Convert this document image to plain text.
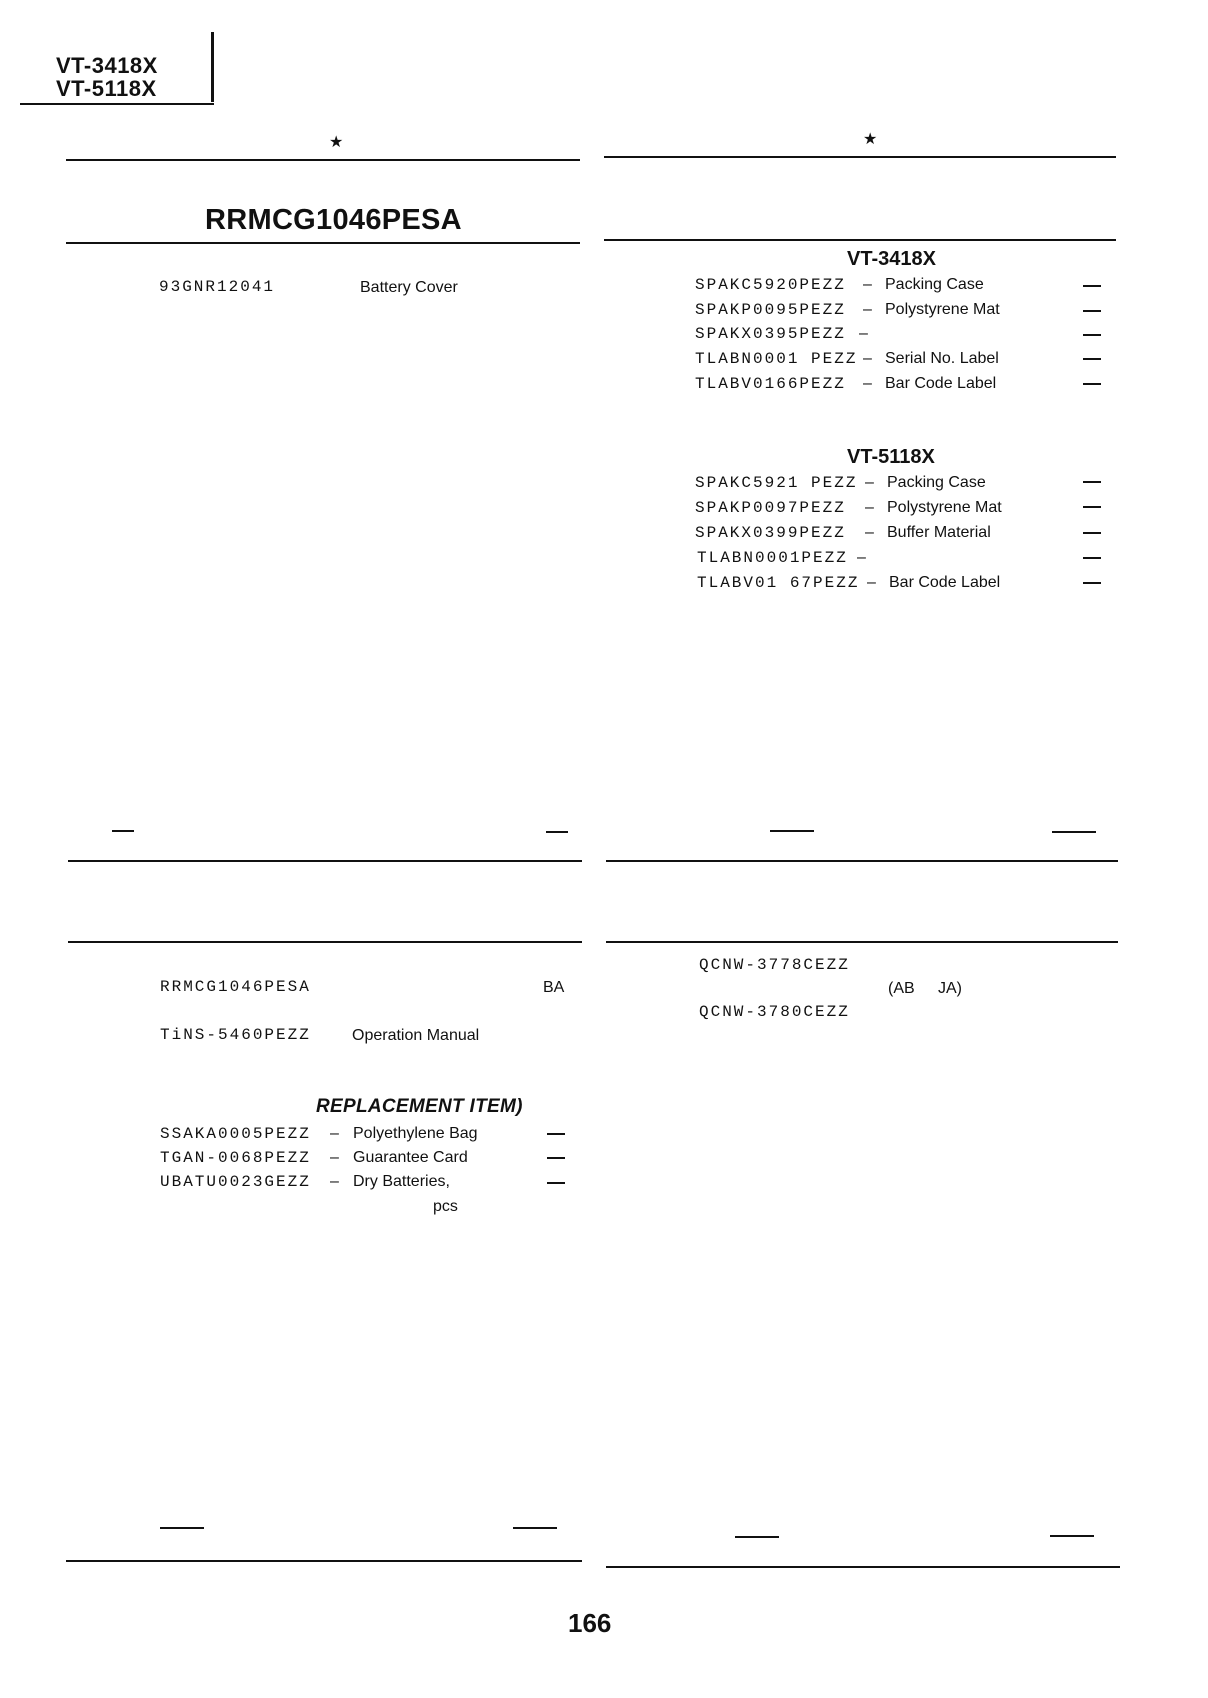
VT-3418X
VT-5118X
★
RRMCG1046PESA
93GNR12041	Battery Cover
★
VT-3418X
SPAKC5920PEZZ – Packing Case
SPAKP0095PEZZ – Polystyrene Mat
SPAKX0395PEZZ –
TLABN0001 PEZZ – Serial No. Label
TLABV0166PEZZ – Bar Code Label
VT-5118X
SPAKC5921 PEZZ – Packing Case
SPAKP0097PEZZ – Polystyrene Mat
SPAKX0399PEZZ – Buffer Material
TLABN0001PEZZ –
TLABV01 67PEZZ – Bar Code Label
RRMCG1046PESA	BA
TiNS-5460PEZZ	Operation Manual
REPLACEMENT ITEM)
SSAKA0005PEZZ – Polyethylene Bag
TGAN-0068PEZZ – Guarantee Card
UBATU0023GEZZ – Dry Batteries,
pcs
QCNW-3778CEZZ
(AB JA)
QCNW-3780CEZZ
166
